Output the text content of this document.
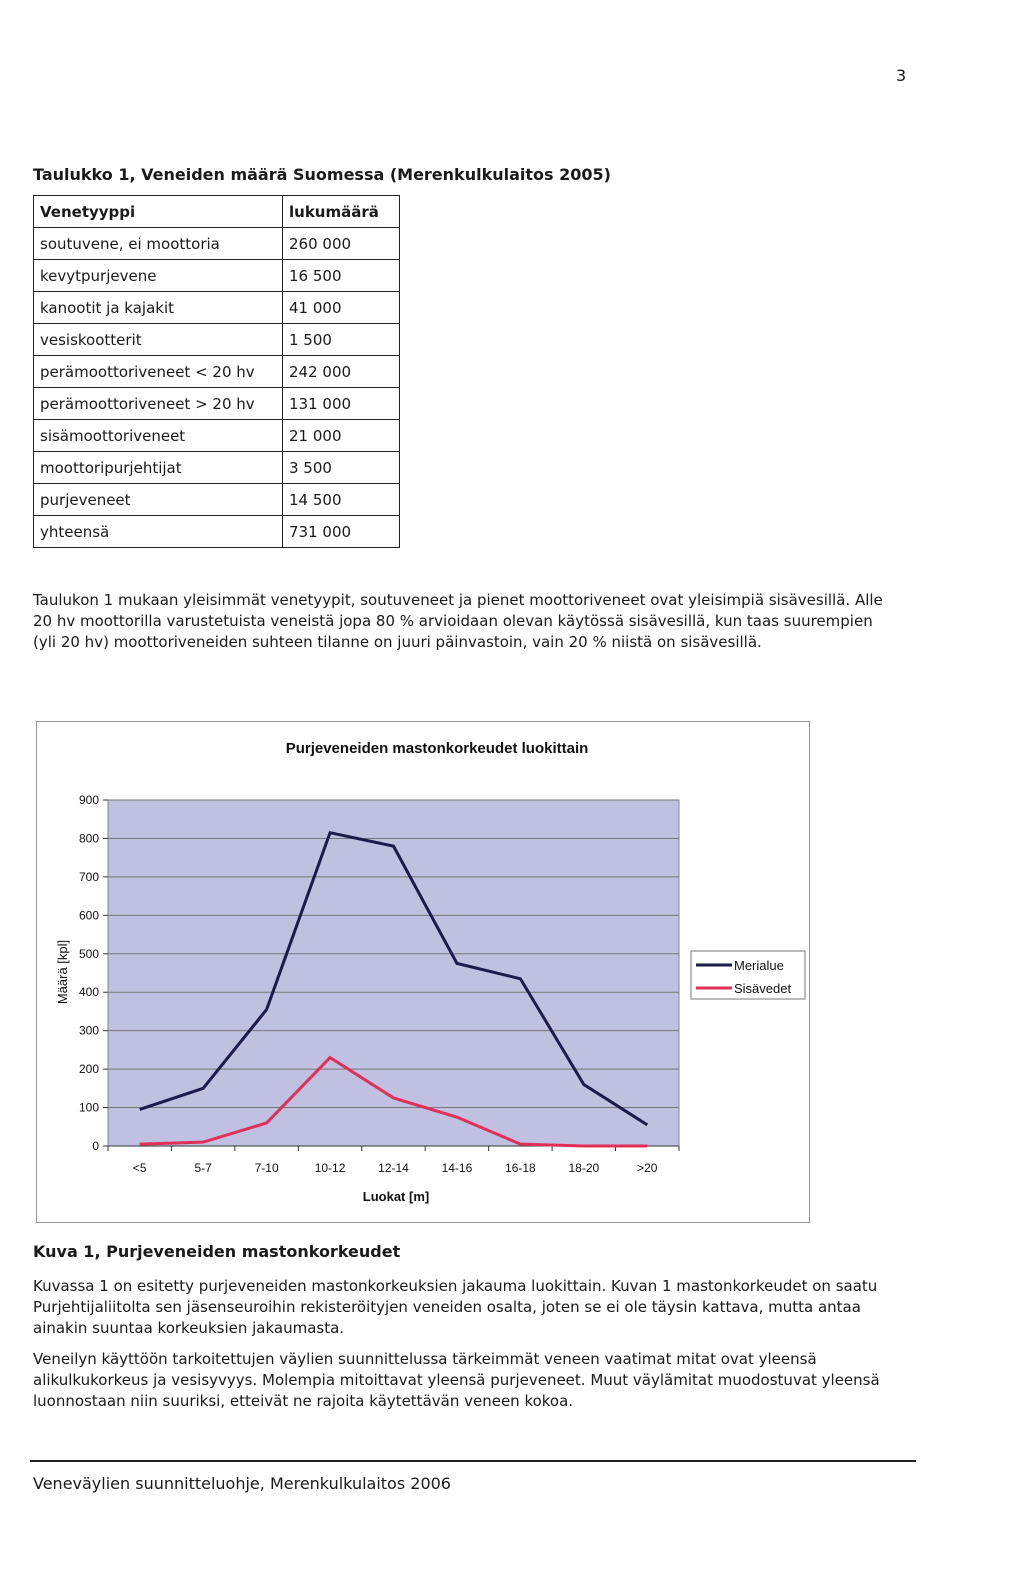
3
Taulukko 1, Veneiden määrä Suomessa (Merenkulkulaitos 2005)
Venetyyppi	lukumäärä
soutuvene, ei moottoria	260 000
kevytpurjevene	16 500
kanootit ja kajakit	41 000
vesiskootterit	1 500
perämoottoriveneet < 20 hv	242 000
perämoottoriveneet > 20 hv	131 000
sisämoottoriveneet	21 000
moottoripurjehtijat	3 500
purjeveneet	14 500
yhteensä	731 000

Taulukon 1 mukaan yleisimmät venetyypit, soutuveneet ja pienet moottoriveneet ovat yleisimpiä sisävesillä. Alle 20 hv moottorilla varustetuista veneistä jopa 80 % arvioidaan olevan käytössä sisävesillä, kun taas suurempien (yli 20 hv) moottoriveneiden suhteen tilanne on juuri päinvastoin, vain 20 % niistä on sisävesillä.

Purjeveneiden mastonkorkeudet luokittain
0
100
200
300
400
500
600
700
800
900
<5	5-7	7-10	10-12	12-14	14-16	16-18	18-20	>20
Luokat [m]
Määrä [kpl]	Merialue
Sisävedet
Kuva 1, Purjeveneiden mastonkorkeudet

Kuvassa 1 on esitetty purjeveneiden mastonkorkeuksien jakauma luokittain. Kuvan 1 mastonkorkeudet on saatu Purjehtijaliitolta sen jäsenseuroihin rekisteröityjen veneiden osalta, joten se ei ole täysin kattava, mutta antaa ainakin suuntaa korkeuksien jakaumasta.

Veneilyn käyttöön tarkoitettujen väylien suunnittelussa tärkeimmät veneen vaatimat mitat ovat yleensä alikulkukorkeus ja vesisyvyys. Molempia mitoittavat yleensä purjeveneet. Muut väylämitat muodostuvat yleensä luonnostaan niin suuriksi, etteivät ne rajoita käytettävän veneen kokoa.

Veneväylien suunnitteluohje, Merenkulkulaitos 2006
